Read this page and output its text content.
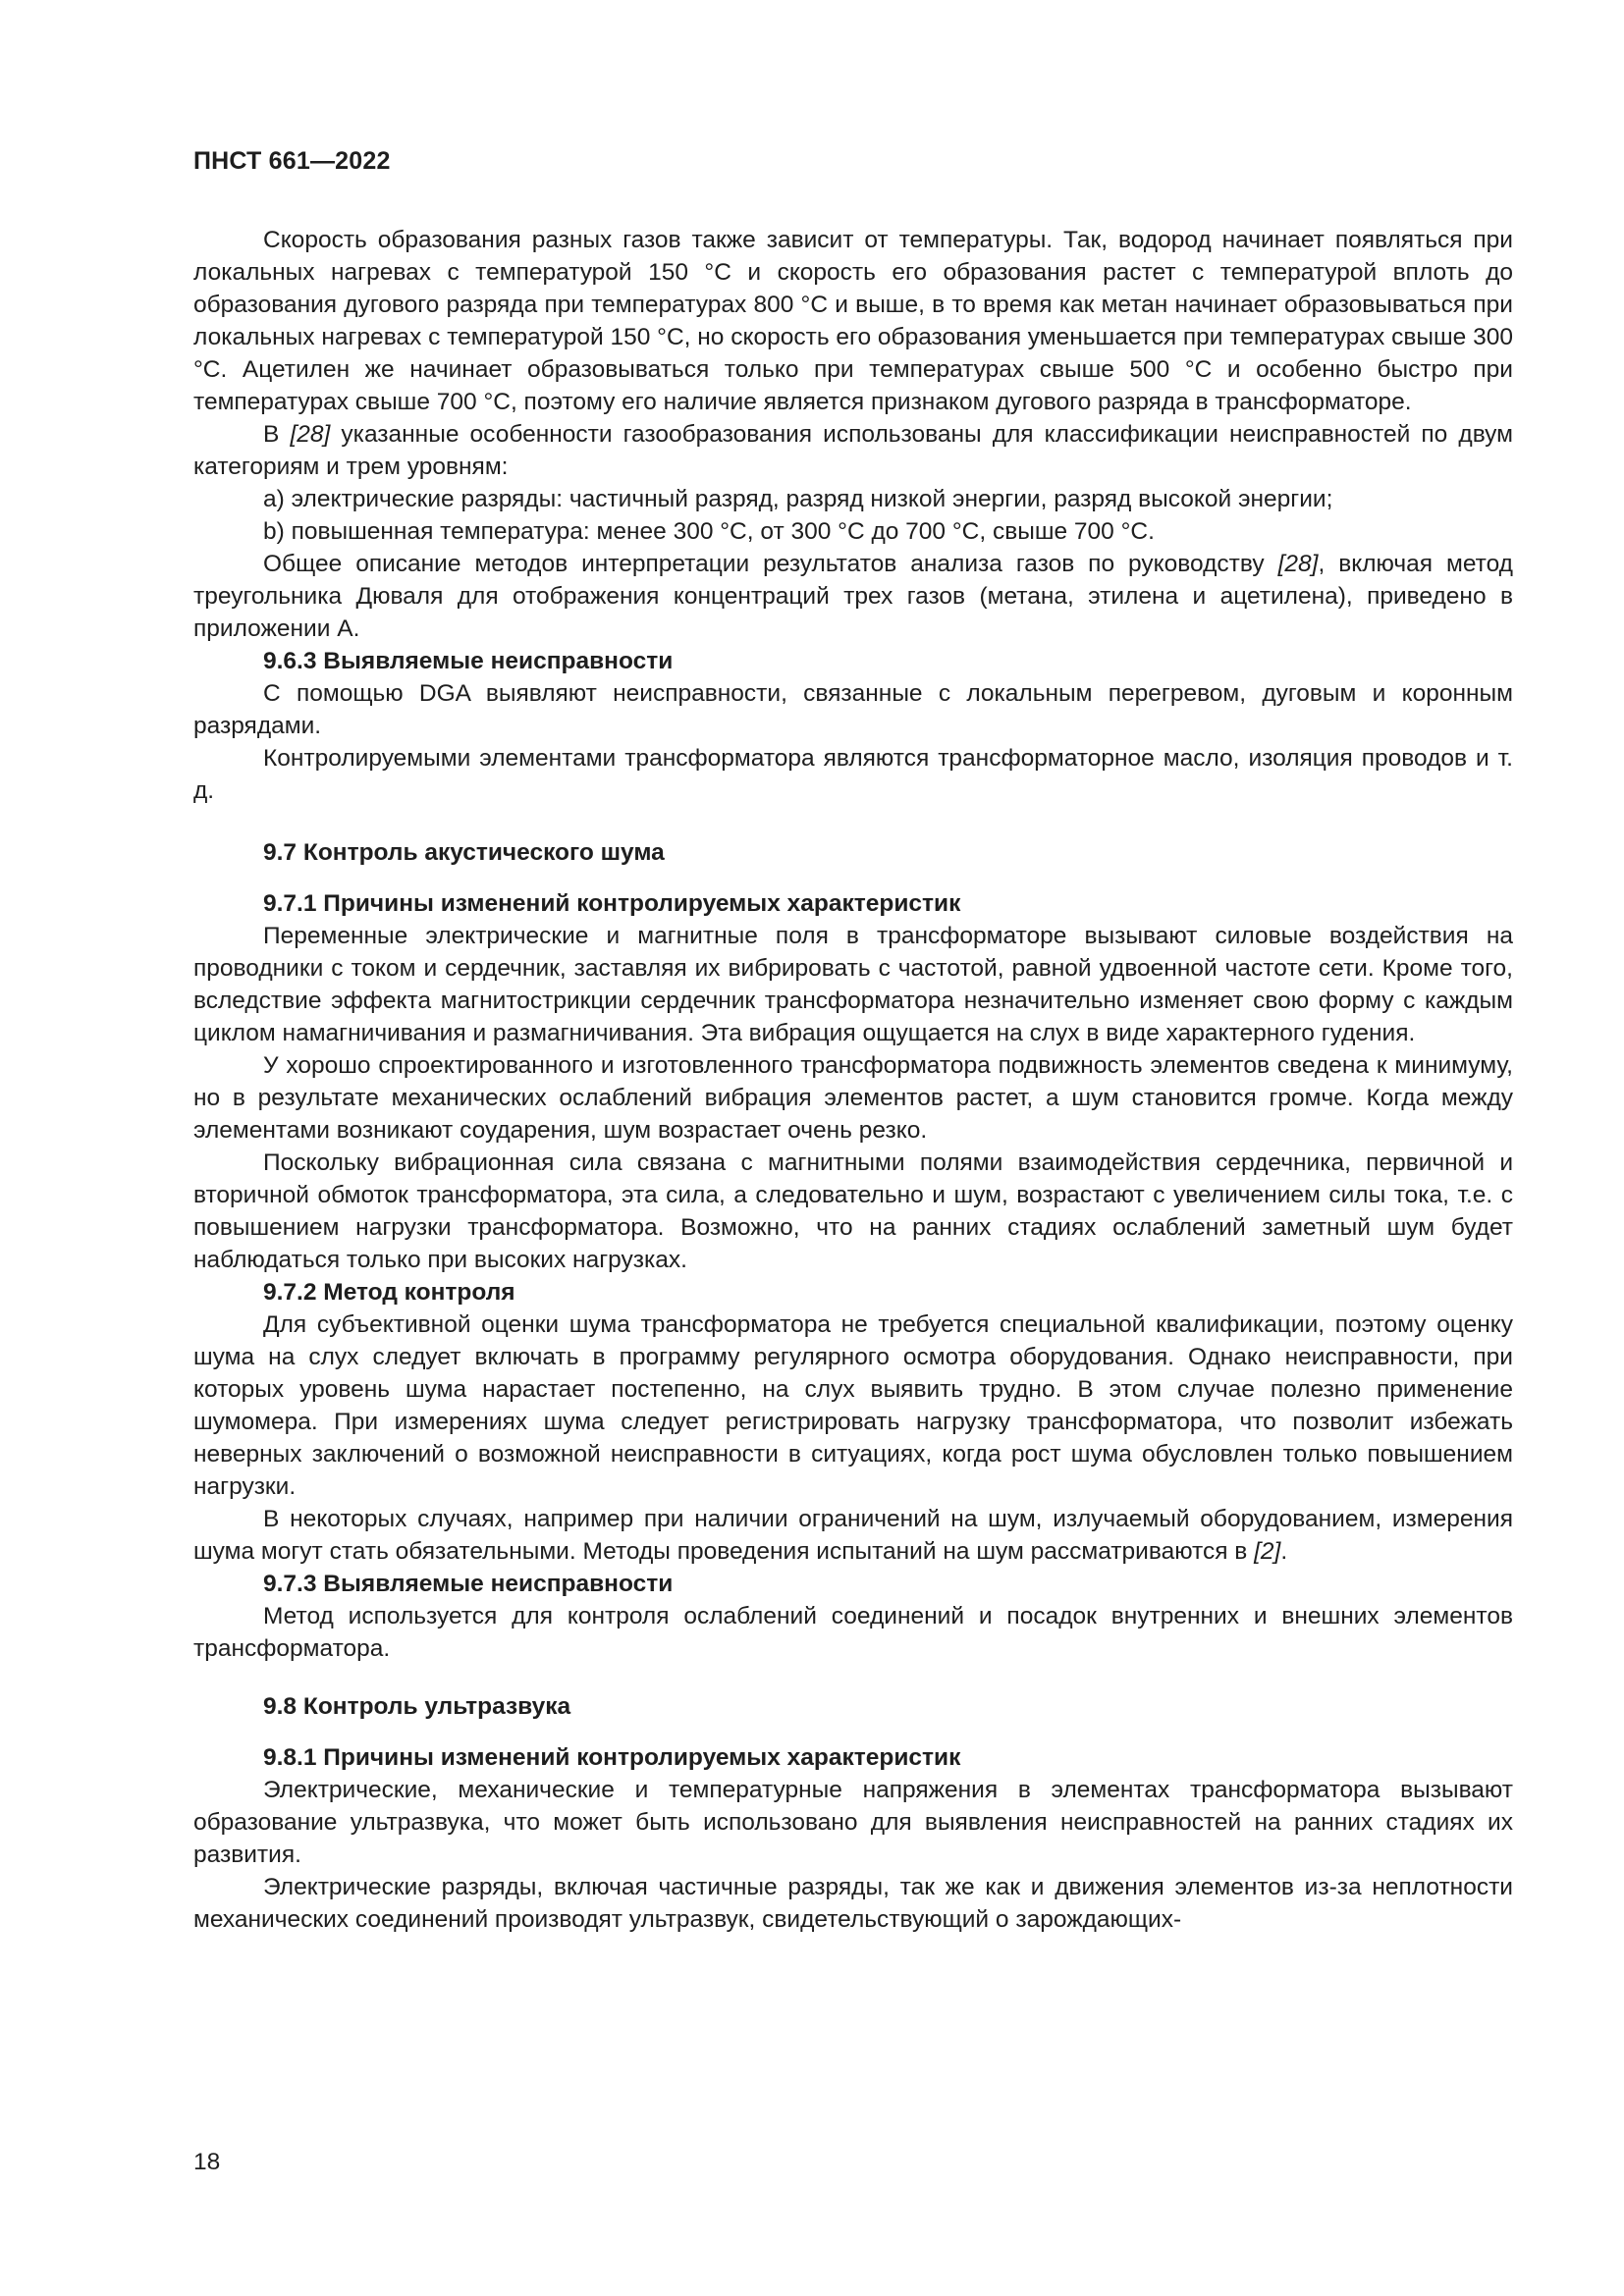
ПНСТ 661—2022

Скорость образования разных газов также зависит от температуры. Так, водород начинает появляться при локальных нагревах с температурой 150 °С и скорость его образования растет с температурой вплоть до образования дугового разряда при температурах 800 °С и выше, в то время как метан начинает образовываться при локальных нагревах с температурой 150 °С, но скорость его образования уменьшается при температурах свыше 300 °С. Ацетилен же начинает образовываться только при температурах свыше 500 °С и особенно быстро при температурах свыше 700 °С, поэтому его наличие является признаком дугового разряда в трансформаторе.

В [28] указанные особенности газообразования использованы для классификации неисправностей по двум категориям и трем уровням:

a) электрические разряды: частичный разряд, разряд низкой энергии, разряд высокой энергии;

b) повышенная температура: менее 300 °С, от 300 °С до 700 °С, свыше 700 °С.

Общее описание методов интерпретации результатов анализа газов по руководству [28], включая метод треугольника Дюваля для отображения концентраций трех газов (метана, этилена и ацетилена), приведено в приложении А.

9.6.3 Выявляемые неисправности

С помощью DGA выявляют неисправности, связанные с локальным перегревом, дуговым и коронным разрядами.

Контролируемыми элементами трансформатора являются трансформаторное масло, изоляция проводов и т. д.

9.7 Контроль акустического шума
9.7.1 Причины изменений контролируемых характеристик

Переменные электрические и магнитные поля в трансформаторе вызывают силовые воздействия на проводники с током и сердечник, заставляя их вибрировать с частотой, равной удвоенной частоте сети. Кроме того, вследствие эффекта магнитострикции сердечник трансформатора незначительно изменяет свою форму с каждым циклом намагничивания и размагничивания. Эта вибрация ощущается на слух в виде характерного гудения.

У хорошо спроектированного и изготовленного трансформатора подвижность элементов сведена к минимуму, но в результате механических ослаблений вибрация элементов растет, а шум становится громче. Когда между элементами возникают соударения, шум возрастает очень резко.

Поскольку вибрационная сила связана с магнитными полями взаимодействия сердечника, первичной и вторичной обмоток трансформатора, эта сила, а следовательно и шум, возрастают с увеличением силы тока, т.е. с повышением нагрузки трансформатора. Возможно, что на ранних стадиях ослаблений заметный шум будет наблюдаться только при высоких нагрузках.

9.7.2 Метод контроля

Для субъективной оценки шума трансформатора не требуется специальной квалификации, поэтому оценку шума на слух следует включать в программу регулярного осмотра оборудования. Однако неисправности, при которых уровень шума нарастает постепенно, на слух выявить трудно. В этом случае полезно применение шумомера. При измерениях шума следует регистрировать нагрузку трансформатора, что позволит избежать неверных заключений о возможной неисправности в ситуациях, когда рост шума обусловлен только повышением нагрузки.

В некоторых случаях, например при наличии ограничений на шум, излучаемый оборудованием, измерения шума могут стать обязательными. Методы проведения испытаний на шум рассматриваются в [2].

9.7.3 Выявляемые неисправности

Метод используется для контроля ослаблений соединений и посадок внутренних и внешних элементов трансформатора.

9.8 Контроль ультразвука
9.8.1 Причины изменений контролируемых характеристик

Электрические, механические и температурные напряжения в элементах трансформатора вызывают образование ультразвука, что может быть использовано для выявления неисправностей на ранних стадиях их развития.

Электрические разряды, включая частичные разряды, так же как и движения элементов из-за неплотности механических соединений производят ультразвук, свидетельствующий о зарождающих-

18
